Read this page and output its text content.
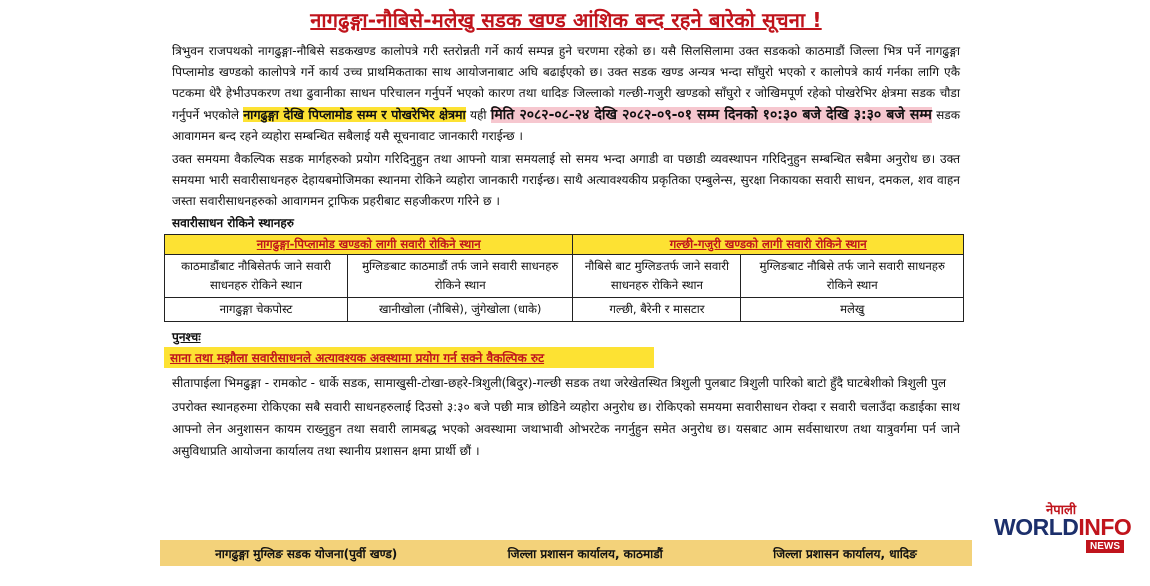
नागढुङ्गा-नौबिसे-मलेखु सडक खण्ड आंशिक बन्द रहने बारेको सूचना !
त्रिभुवन राजपथको नागढुङ्गा-नौबिसे सडकखण्ड कालोपत्रे गरी स्तरोन्नती गर्ने कार्य सम्पन्न हुने चरणमा रहेको छ। यसै सिलसिलामा उक्त सडकको काठमाडौं जिल्ला भित्र पर्ने नागढुङ्गा पिप्लामोड खण्डको कालोपत्रे गर्ने कार्य उच्च प्राथमिकताका साथ आयोजनाबाट अघि बढाईएको छ। उक्त सडक खण्ड अन्यत्र भन्दा साँघुरो भएको र कालोपत्रे कार्य गर्नका लागि एकै पटकमा धेरै हेभीउपकरण तथा ढुवानीका साधन परिचालन गर्नुपर्ने भएको कारण तथा धादिङ जिल्लाको गल्छी-गजुरी खण्डको साँघुरो र जोखिमपूर्ण रहेको पोखरेभिर क्षेत्रमा सडक चौडा गर्नुपर्ने भएकोले नागढुङ्गा देखि पिप्लामोड सम्म र पोखरेभिर क्षेत्रमा यही मिति २०८२-०८-२४ देखि २०८२-०९-०१ सम्म दिनको १०:३० बजे देखि ३:३० बजे सम्म सडक आवागमन बन्द रहने व्यहोरा सम्बन्धित सबैलाई यसै सूचनावाट जानकारी गराईन्छ ।
उक्त समयमा वैकल्पिक सडक मार्गहरुको प्रयोग गरिदिनुहुन तथा आफ्नो यात्रा समयलाई सो समय भन्दा अगाडी वा पछाडी व्यवस्थापन गरिदिनुहुन सम्बन्धित सबैमा अनुरोध छ। उक्त समयमा भारी सवारीसाधनहरु देहायबमोजिमका स्थानमा रोकिने व्यहोरा जानकारी गराईन्छ। साथै अत्यावश्यकीय प्रकृतिका एम्बुलेन्स, सुरक्षा निकायका सवारी साधन, दमकल, शव वाहन जस्ता सवारीसाधनहरुको आवागमन ट्राफिक प्रहरीबाट सहजीकरण गरिने छ ।
सवारीसाधन रोकिने स्थानहरु
नागढुङ्गा-पिप्लामोड खण्डको लागी सवारी रोकिने स्थान		गल्छी-गजुरी खण्डको लागी सवारी रोकिने स्थान	
काठमाडौंबाट नौबिसेतर्फ जाने सवारी साधनहरु रोकिने स्थान	मुग्लिङबाट काठमाडौं तर्फ जाने सवारी साधनहरु रोकिने स्थान	नौबिसे बाट मुग्लिङतर्फ जाने सवारी साधनहरु रोकिने स्थान	मुग्लिङबाट नौबिसे तर्फ जाने सवारी साधनहरु रोकिने स्थान
नागढुङ्गा चेकपोस्ट	खानीखोला (नौबिसे), जुंगेखोला (धाके)	गल्छी, बैरेनी र मासटार	मलेखु
पुनश्चः
साना तथा मझौला सवारीसाधनले अत्यावश्यक अवस्थामा प्रयोग गर्न सक्ने वैकल्पिक रुट
सीतापाईला भिमढुङ्गा - रामकोट - धार्के सडक, सामाखुसी-टोखा-छहरे-त्रिशुली(बिदुर)-गल्छी सडक तथा जरेखेतस्थित त्रिशुली पुलबाट त्रिशुली पारिको बाटो हुँदै घाटबेशीको त्रिशुली पुल
उपरोक्त स्थानहरुमा रोकिएका सबै सवारी साधनहरुलाई दिउसो ३:३० बजे पछी मात्र छोडिने व्यहोरा अनुरोध छ। रोकिएको समयमा सवारीसाधन रोक्दा र सवारी चलाउँदा कडाईका साथ आफ्नो लेन अनुशासन कायम राख्नुहुन तथा सवारी लामबद्ध भएको अवस्थामा जथाभावी ओभरटेक नगर्नुहुन समेत अनुरोध छ। यसबाट आम सर्वसाधारण तथा यात्रुवर्गमा पर्न जाने असुविधाप्रति आयोजना कार्यालय तथा स्थानीय प्रशासन क्षमा प्रार्थी छौं ।
नागढुङ्गा मुग्लिङ सडक योजना(पुर्वी खण्ड)	जिल्ला प्रशासन कार्यालय, काठमाडौं	जिल्ला प्रशासन कार्यालय, धादिङ
नेपाली
WORLDINFO
NEWS
